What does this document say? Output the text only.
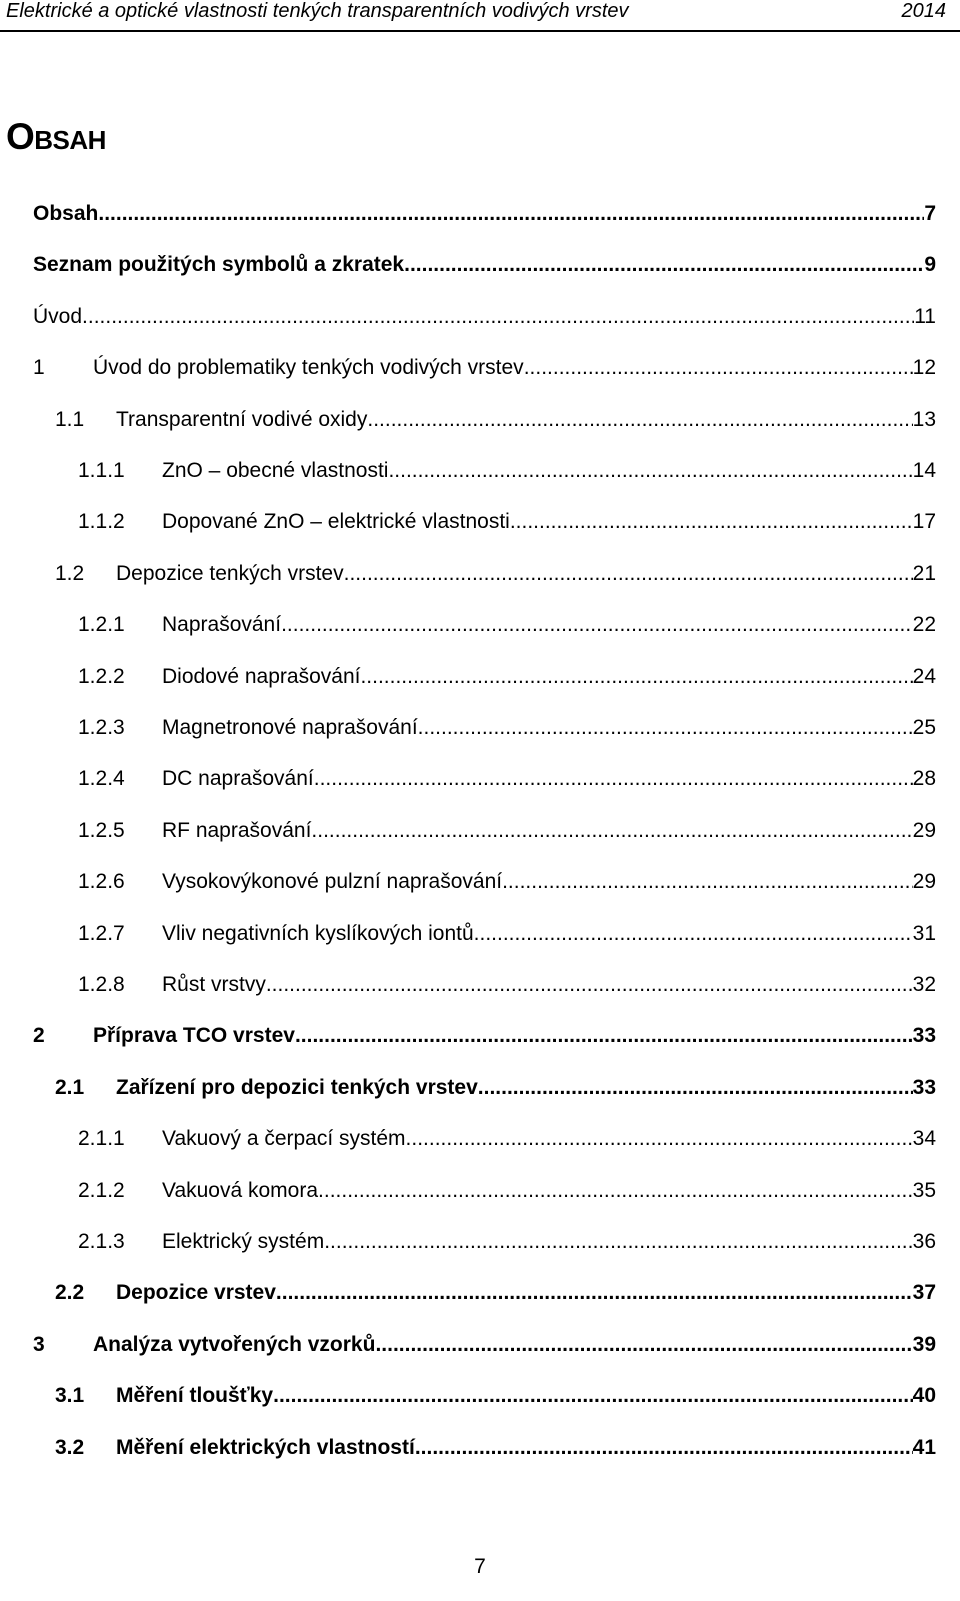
Elektrické a optické vlastnosti tenkých transparentních vodivých vrstev	2014
Obsah
Obsah .....	7
Seznam použitých symbolů a zkratek .....	9
Úvod .....	11
1 Úvod do problematiky tenkých vodivých vrstev .....	12
1.1 Transparentní vodivé oxidy .....	13
1.1.1 ZnO – obecné vlastnosti .....	14
1.1.2 Dopované ZnO – elektrické vlastnosti .....	17
1.2 Depozice tenkých vrstev .....	21
1.2.1 Naprašování .....	22
1.2.2 Diodové naprašování .....	24
1.2.3 Magnetronové naprašování .....	25
1.2.4 DC naprašování .....	28
1.2.5 RF naprašování .....	29
1.2.6 Vysokovýkonové pulzní naprašování .....	29
1.2.7 Vliv negativních kyslíkových iontů .....	31
1.2.8 Růst vrstvy .....	32
2 Příprava TCO vrstev .....	33
2.1 Zařízení pro depozici tenkých vrstev .....	33
2.1.1 Vakuový a čerpací systém .....	34
2.1.2 Vakuová komora .....	35
2.1.3 Elektrický systém .....	36
2.2 Depozice vrstev .....	37
3 Analýza vytvořených vzorků .....	39
3.1 Měření tloušťky .....	40
3.2 Měření elektrických vlastností .....	41
7
